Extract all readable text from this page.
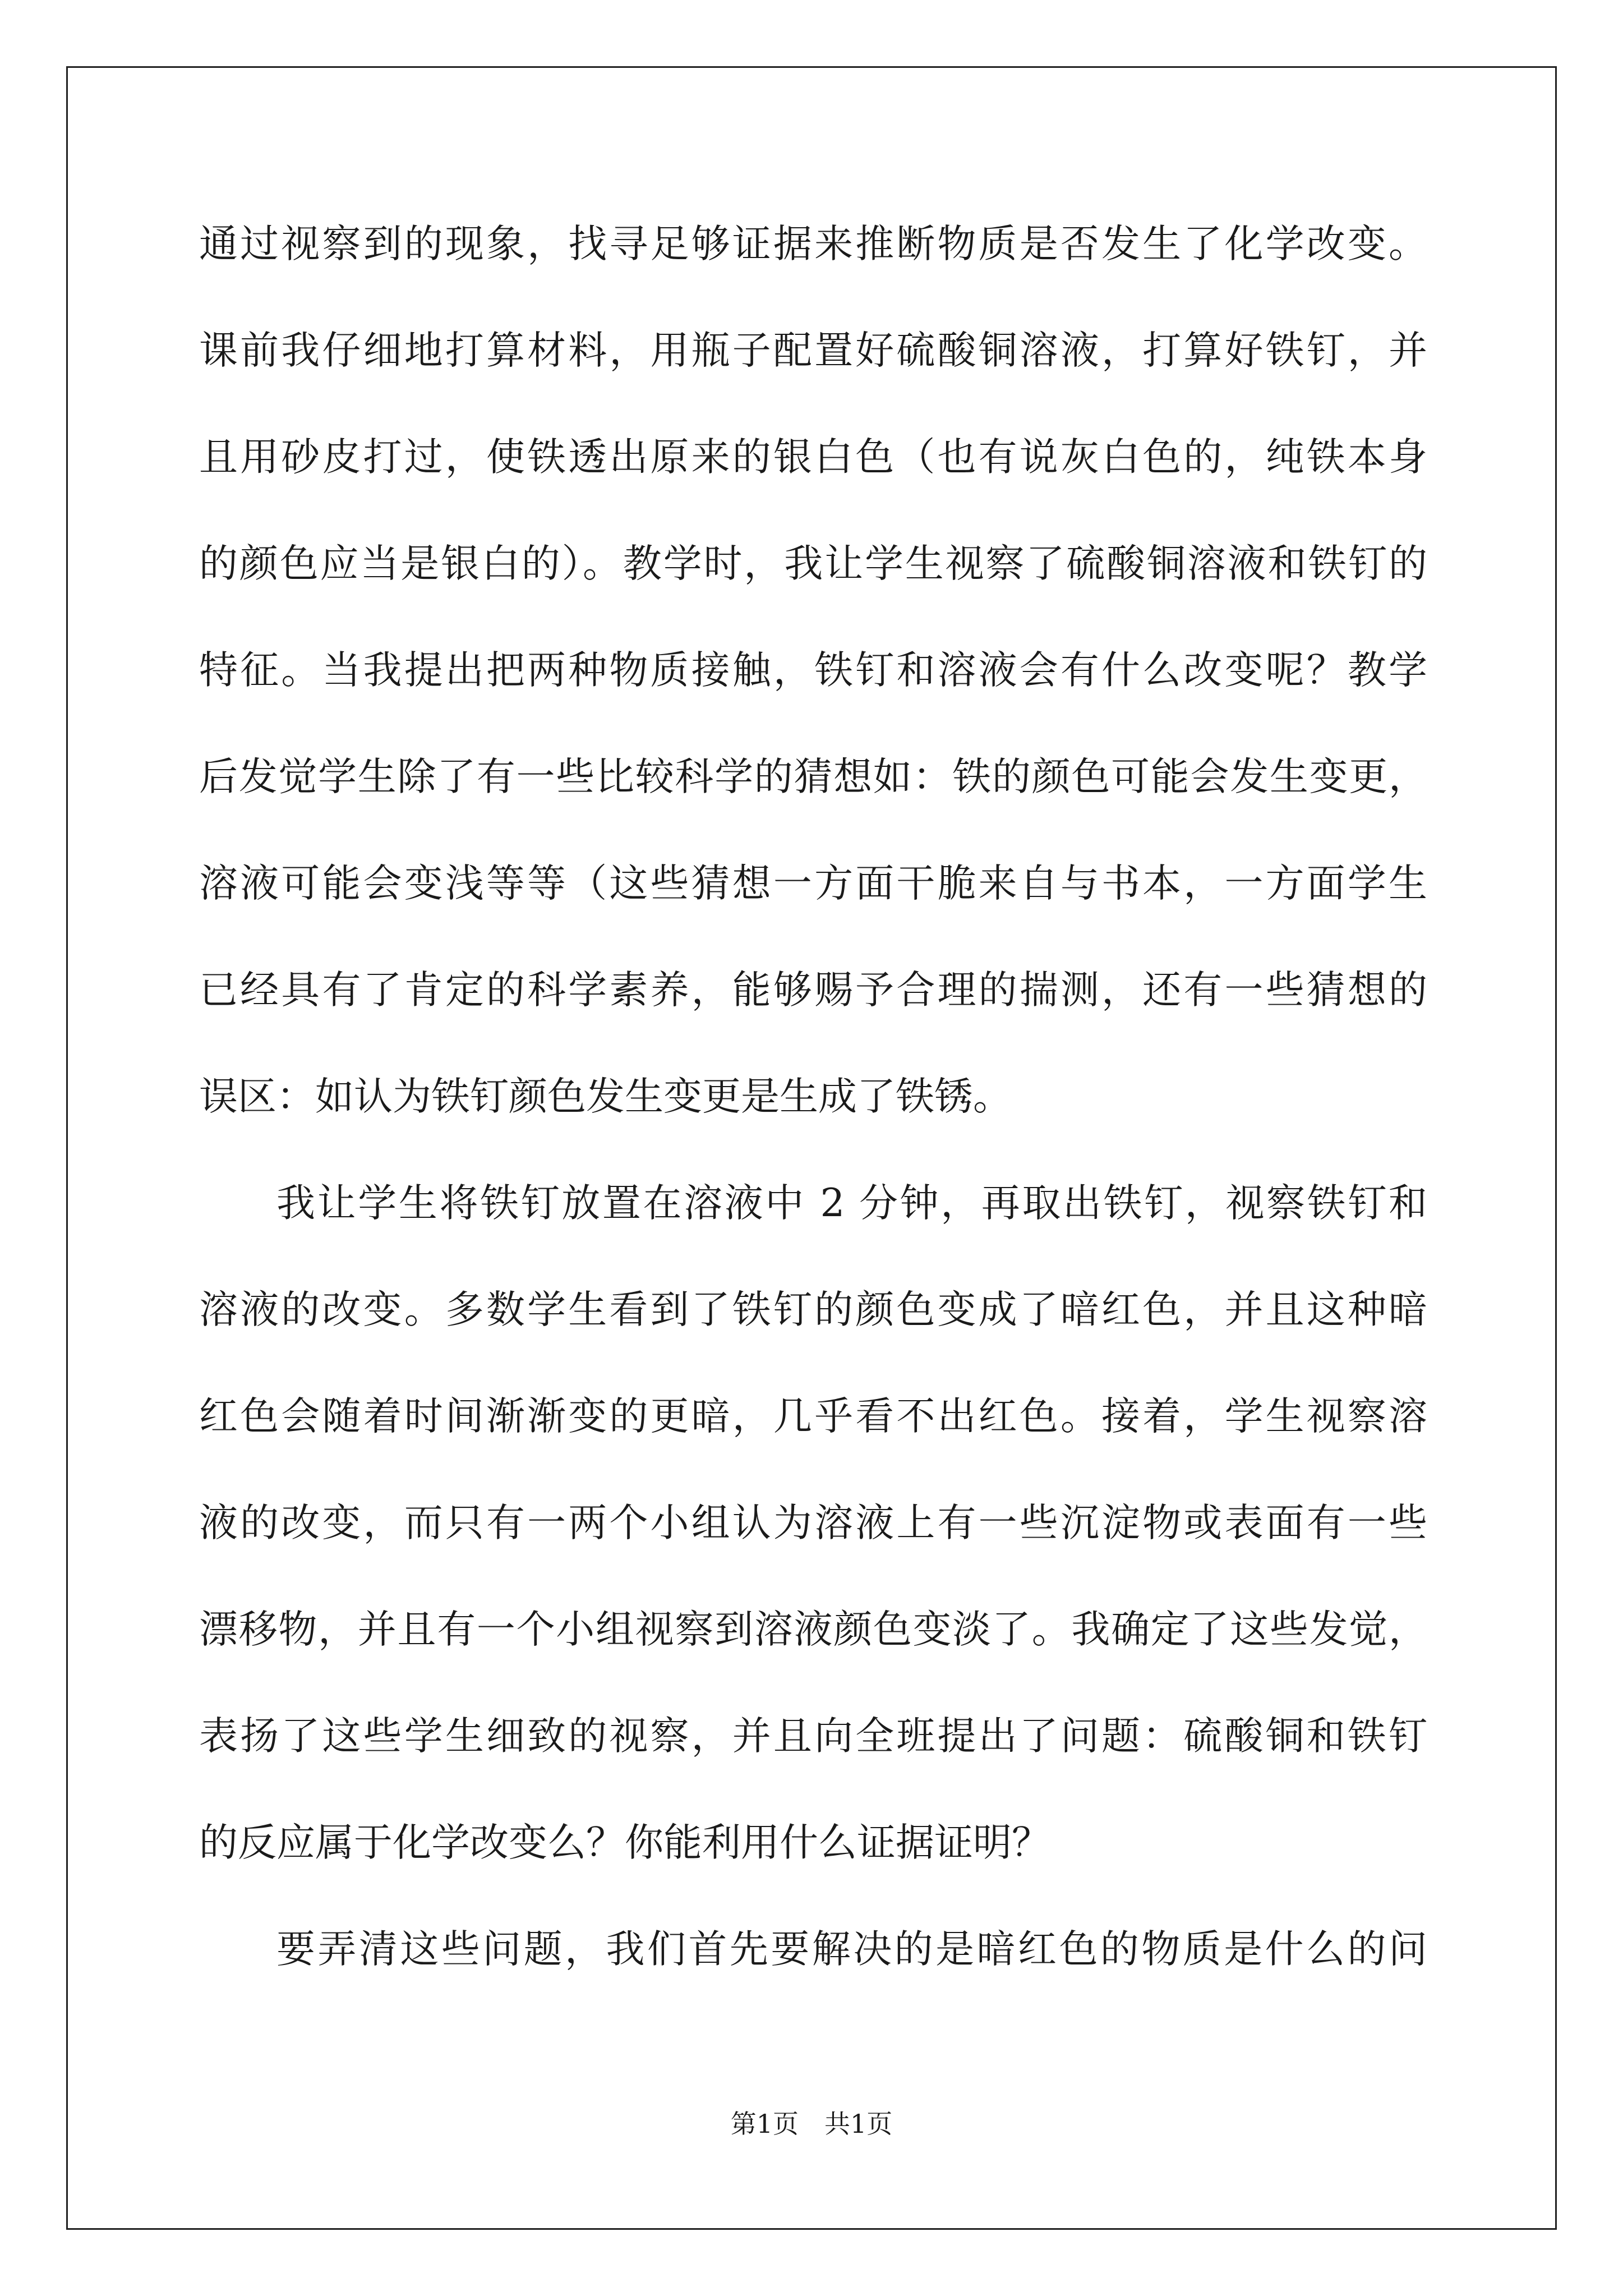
通过视察到的现象，找寻足够证据来推断物质是否发生了化学改变。
课前我仔细地打算材料，用瓶子配置好硫酸铜溶液，打算好铁钉，并
且用砂皮打过，使铁透出原来的银白色（也有说灰白色的，纯铁本身
的颜色应当是银白的）。教学时，我让学生视察了硫酸铜溶液和铁钉的
特征。当我提出把两种物质接触，铁钉和溶液会有什么改变呢？教学
后发觉学生除了有一些比较科学的猜想如：铁的颜色可能会发生变更，
溶液可能会变浅等等（这些猜想一方面干脆来自与书本，一方面学生
已经具有了肯定的科学素养，能够赐予合理的揣测，还有一些猜想的
误区：如认为铁钉颜色发生变更是生成了铁锈。
我让学生将铁钉放置在溶液中 2 分钟，再取出铁钉，视察铁钉和
溶液的改变。多数学生看到了铁钉的颜色变成了暗红色，并且这种暗
红色会随着时间渐渐变的更暗，几乎看不出红色。接着，学生视察溶
液的改变，而只有一两个小组认为溶液上有一些沉淀物或表面有一些
漂移物，并且有一个小组视察到溶液颜色变淡了。我确定了这些发觉，
表扬了这些学生细致的视察，并且向全班提出了问题：硫酸铜和铁钉
的反应属于化学改变么？你能利用什么证据证明？
要弄清这些问题，我们首先要解决的是暗红色的物质是什么的问
第1页 共1页
